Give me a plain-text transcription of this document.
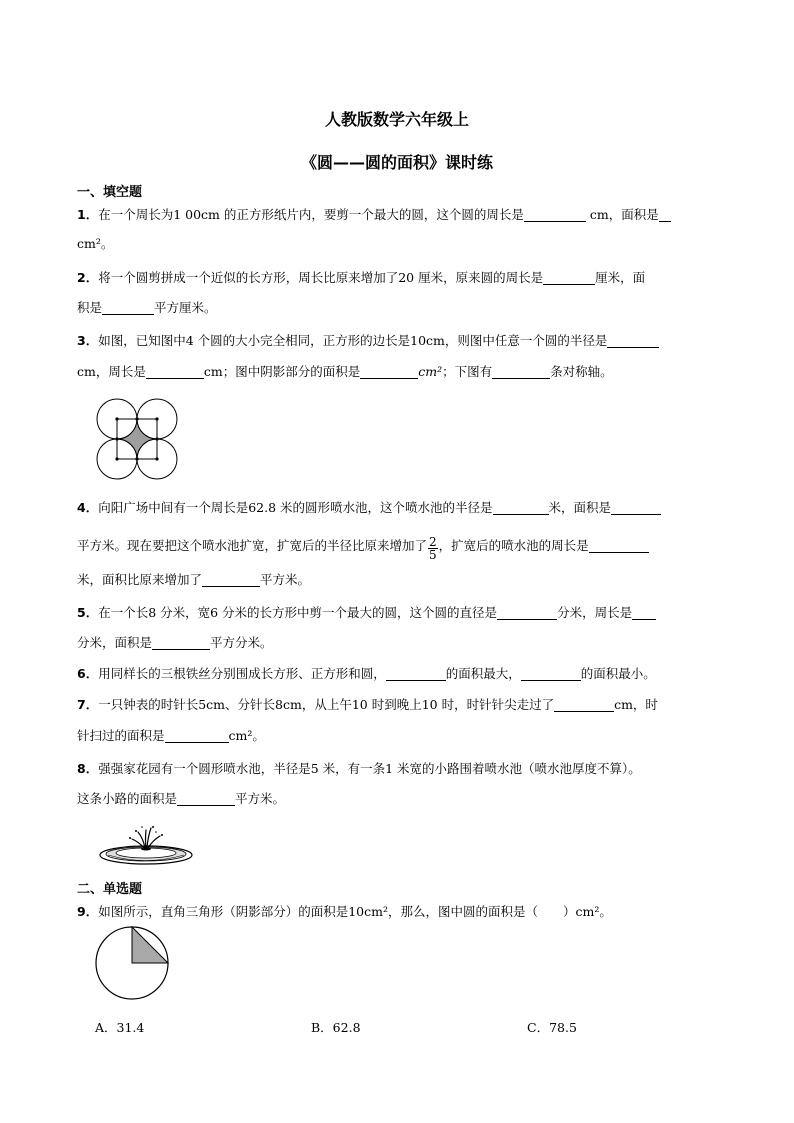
人教版数学六年级上
《圆——圆的面积》课时练
一、填空题
1．在一个周长为1 00cm 的正方形纸片内，要剪一个最大的圆，这个圆的周长是	cm，面积是
cm²。
2．将一个圆剪拼成一个近似的长方形，周长比原来增加了20 厘米，原来圆的周长是	厘米，面
积是	平方厘米。
3．如图，已知图中4 个圆的大小完全相同，正方形的边长是10cm，则图中任意一个圆的半径是
cm，周长是	cm；图中阴影部分的面积是	cm²；下图有	条对称轴。
4．向阳广场中间有一个周长是62.8 米的圆形喷水池，这个喷水池的半径是	米，面积是
平方米。现在要把这个喷水池扩宽，扩宽后的半径比原来增加了 $\frac{2}{5}$ ，扩宽后的喷水池的周长是
米，面积比原来增加了	平方米。
5．在一个长8 分米，宽6 分米的长方形中剪一个最大的圆，这个圆的直径是	分米，周长是
分米，面积是	平方分米。
6．用同样长的三根铁丝分别围成长方形、正方形和圆，	的面积最大，	的面积最小。
7．一只钟表的时针长5cm、分针长8cm，从上午10 时到晚上10 时，时针针尖走过了	cm，时
针扫过的面积是	cm²。
8．强强家花园有一个圆形喷水池，半径是5 米，有一条1 米宽的小路围着喷水池（喷水池厚度不算）。
这条小路的面积是	平方米。
二、单选题
9．如图所示，直角三角形（阴影部分）的面积是10cm²，那么，图中圆的面积是（　　）cm²。
A．31.4	B．62.8	C．78.5
